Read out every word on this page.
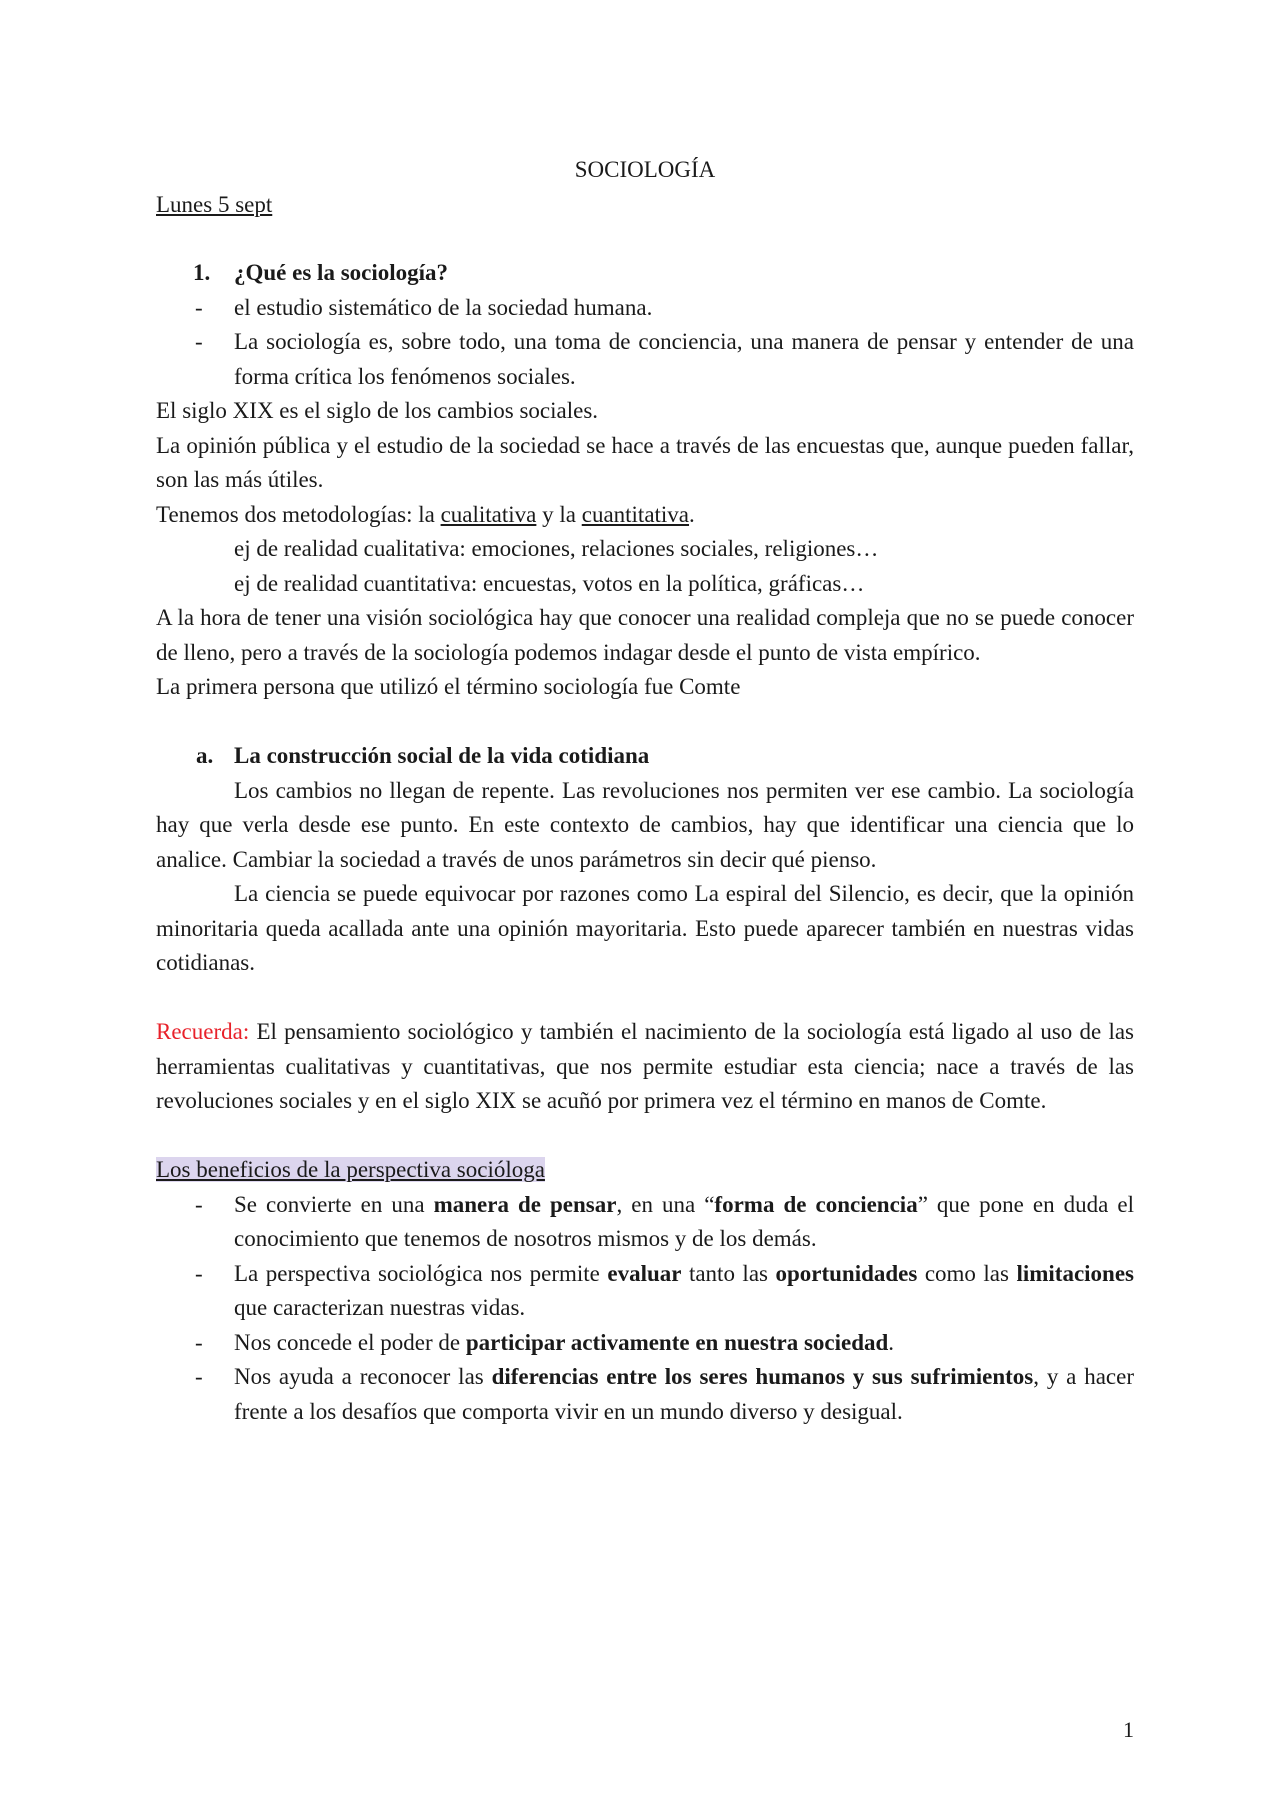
SOCIOLOGÍA
Lunes 5 sept

1. ¿Qué es la sociología?

- el estudio sistemático de la sociedad humana.

- La sociología es, sobre todo, una toma de conciencia, una manera de pensar y entender de una forma crítica los fenómenos sociales.

El siglo XIX es el siglo de los cambios sociales.

La opinión pública y el estudio de la sociedad se hace a través de las encuestas que, aunque pueden fallar, son las más útiles.

Tenemos dos metodologías: la cualitativa y la cuantitativa.

ej de realidad cualitativa: emociones, relaciones sociales, religiones…

ej de realidad cuantitativa: encuestas, votos en la política, gráficas…

A la hora de tener una visión sociológica hay que conocer una realidad compleja que no se puede conocer de lleno, pero a través de la sociología podemos indagar desde el punto de vista empírico.

La primera persona que utilizó el término sociología fue Comte

a. La construcción social de la vida cotidiana

Los cambios no llegan de repente. Las revoluciones nos permiten ver ese cambio. La sociología hay que verla desde ese punto. En este contexto de cambios, hay que identificar una ciencia que lo analice. Cambiar la sociedad a través de unos parámetros sin decir qué pienso.

La ciencia se puede equivocar por razones como La espiral del Silencio, es decir, que la opinión minoritaria queda acallada ante una opinión mayoritaria. Esto puede aparecer también en nuestras vidas cotidianas.

Recuerda: El pensamiento sociológico y también el nacimiento de la sociología está ligado al uso de las herramientas cualitativas y cuantitativas, que nos permite estudiar esta ciencia; nace a través de las revoluciones sociales y en el siglo XIX se acuñó por primera vez el término en manos de Comte.

Los beneficios de la perspectiva sociólogа

- Se convierte en una manera de pensar, en una “forma de conciencia” que pone en duda el conocimiento que tenemos de nosotros mismos y de los demás.

- La perspectiva sociológica nos permite evaluar tanto las oportunidades como las limitaciones que caracterizan nuestras vidas.

- Nos concede el poder de participar activamente en nuestra sociedad.

- Nos ayuda a reconocer las diferencias entre los seres humanos y sus sufrimientos, y a hacer frente a los desafíos que comporta vivir en un mundo diverso y desigual.

1
